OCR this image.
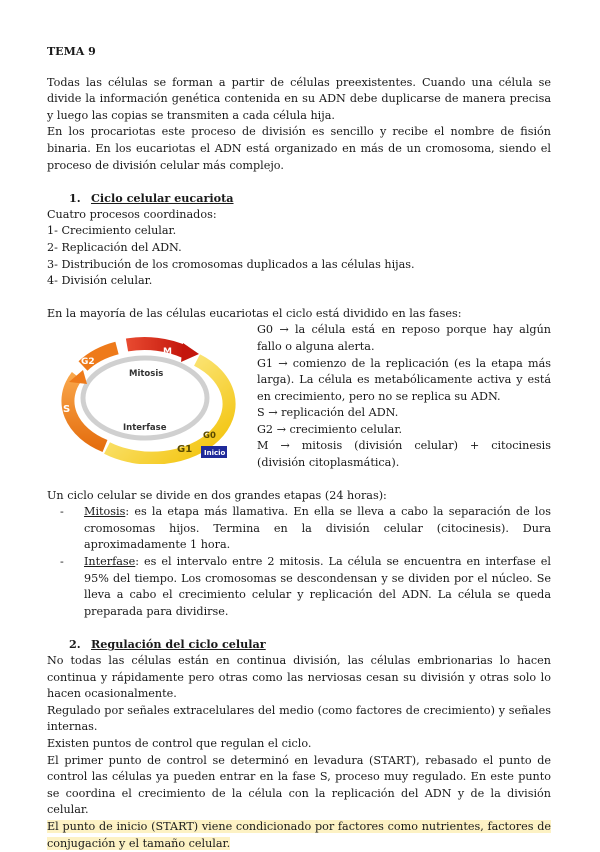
TEMA 9

Todas las células se forman a partir de células preexistentes. Cuando una célula se divide la información genética contenida en su ADN debe duplicarse de manera precisa y luego las copias se transmiten a cada célula hija.

En los procariotas este proceso de división es sencillo y recibe el nombre de fisión binaria. En los eucariotas el ADN está organizado en más de un cromosoma, siendo el proceso de división celular más complejo.

1. Ciclo celular eucariota

Cuatro procesos coordinados:

1- Crecimiento celular.

2- Replicación del ADN.

3- Distribución de los cromosomas duplicados a las células hijas.

4- División celular.

En la mayoría de las células eucariotas el ciclo está dividido en las fases:

Mitosis
Interfase
G2
M
S
G0
G1 Inicio

G0 → la célula está en reposo porque hay algún fallo o alguna alerta.

G1 → comienzo de la replicación (es la etapa más larga). La célula es metabólicamente activa y está en crecimiento, pero no se replica su ADN.

S → replicación del ADN.

G2 → crecimiento celular.

M → mitosis (división celular) + citocinesis (división citoplasmática).

Un ciclo celular se divide en dos grandes etapas (24 horas):

- Mitosis: es la etapa más llamativa. En ella se lleva a cabo la separación de los cromosomas hijos. Termina en la división celular (citocinesis). Dura aproximadamente 1 hora.
- Interfase: es el intervalo entre 2 mitosis. La célula se encuentra en interfase el 95% del tiempo. Los cromosomas se descondensan y se dividen por el núcleo. Se lleva a cabo el crecimiento celular y replicación del ADN. La célula se queda preparada para dividirse.

2. Regulación del ciclo celular

No todas las células están en continua división, las células embrionarias lo hacen continua y rápidamente pero otras como las nerviosas cesan su división y otras solo lo hacen ocasionalmente.

Regulado por señales extracelulares del medio (como factores de crecimiento) y señales internas.

Existen puntos de control que regulan el ciclo.

El primer punto de control se determinó en levadura (START), rebasado el punto de control las células ya pueden entrar en la fase S, proceso muy regulado. En este punto se coordina el crecimiento de la célula con la replicación del ADN y de la división celular.

El punto de inicio (START) viene condicionado por factores como nutrientes, factores de conjugación y el tamaño celular.
